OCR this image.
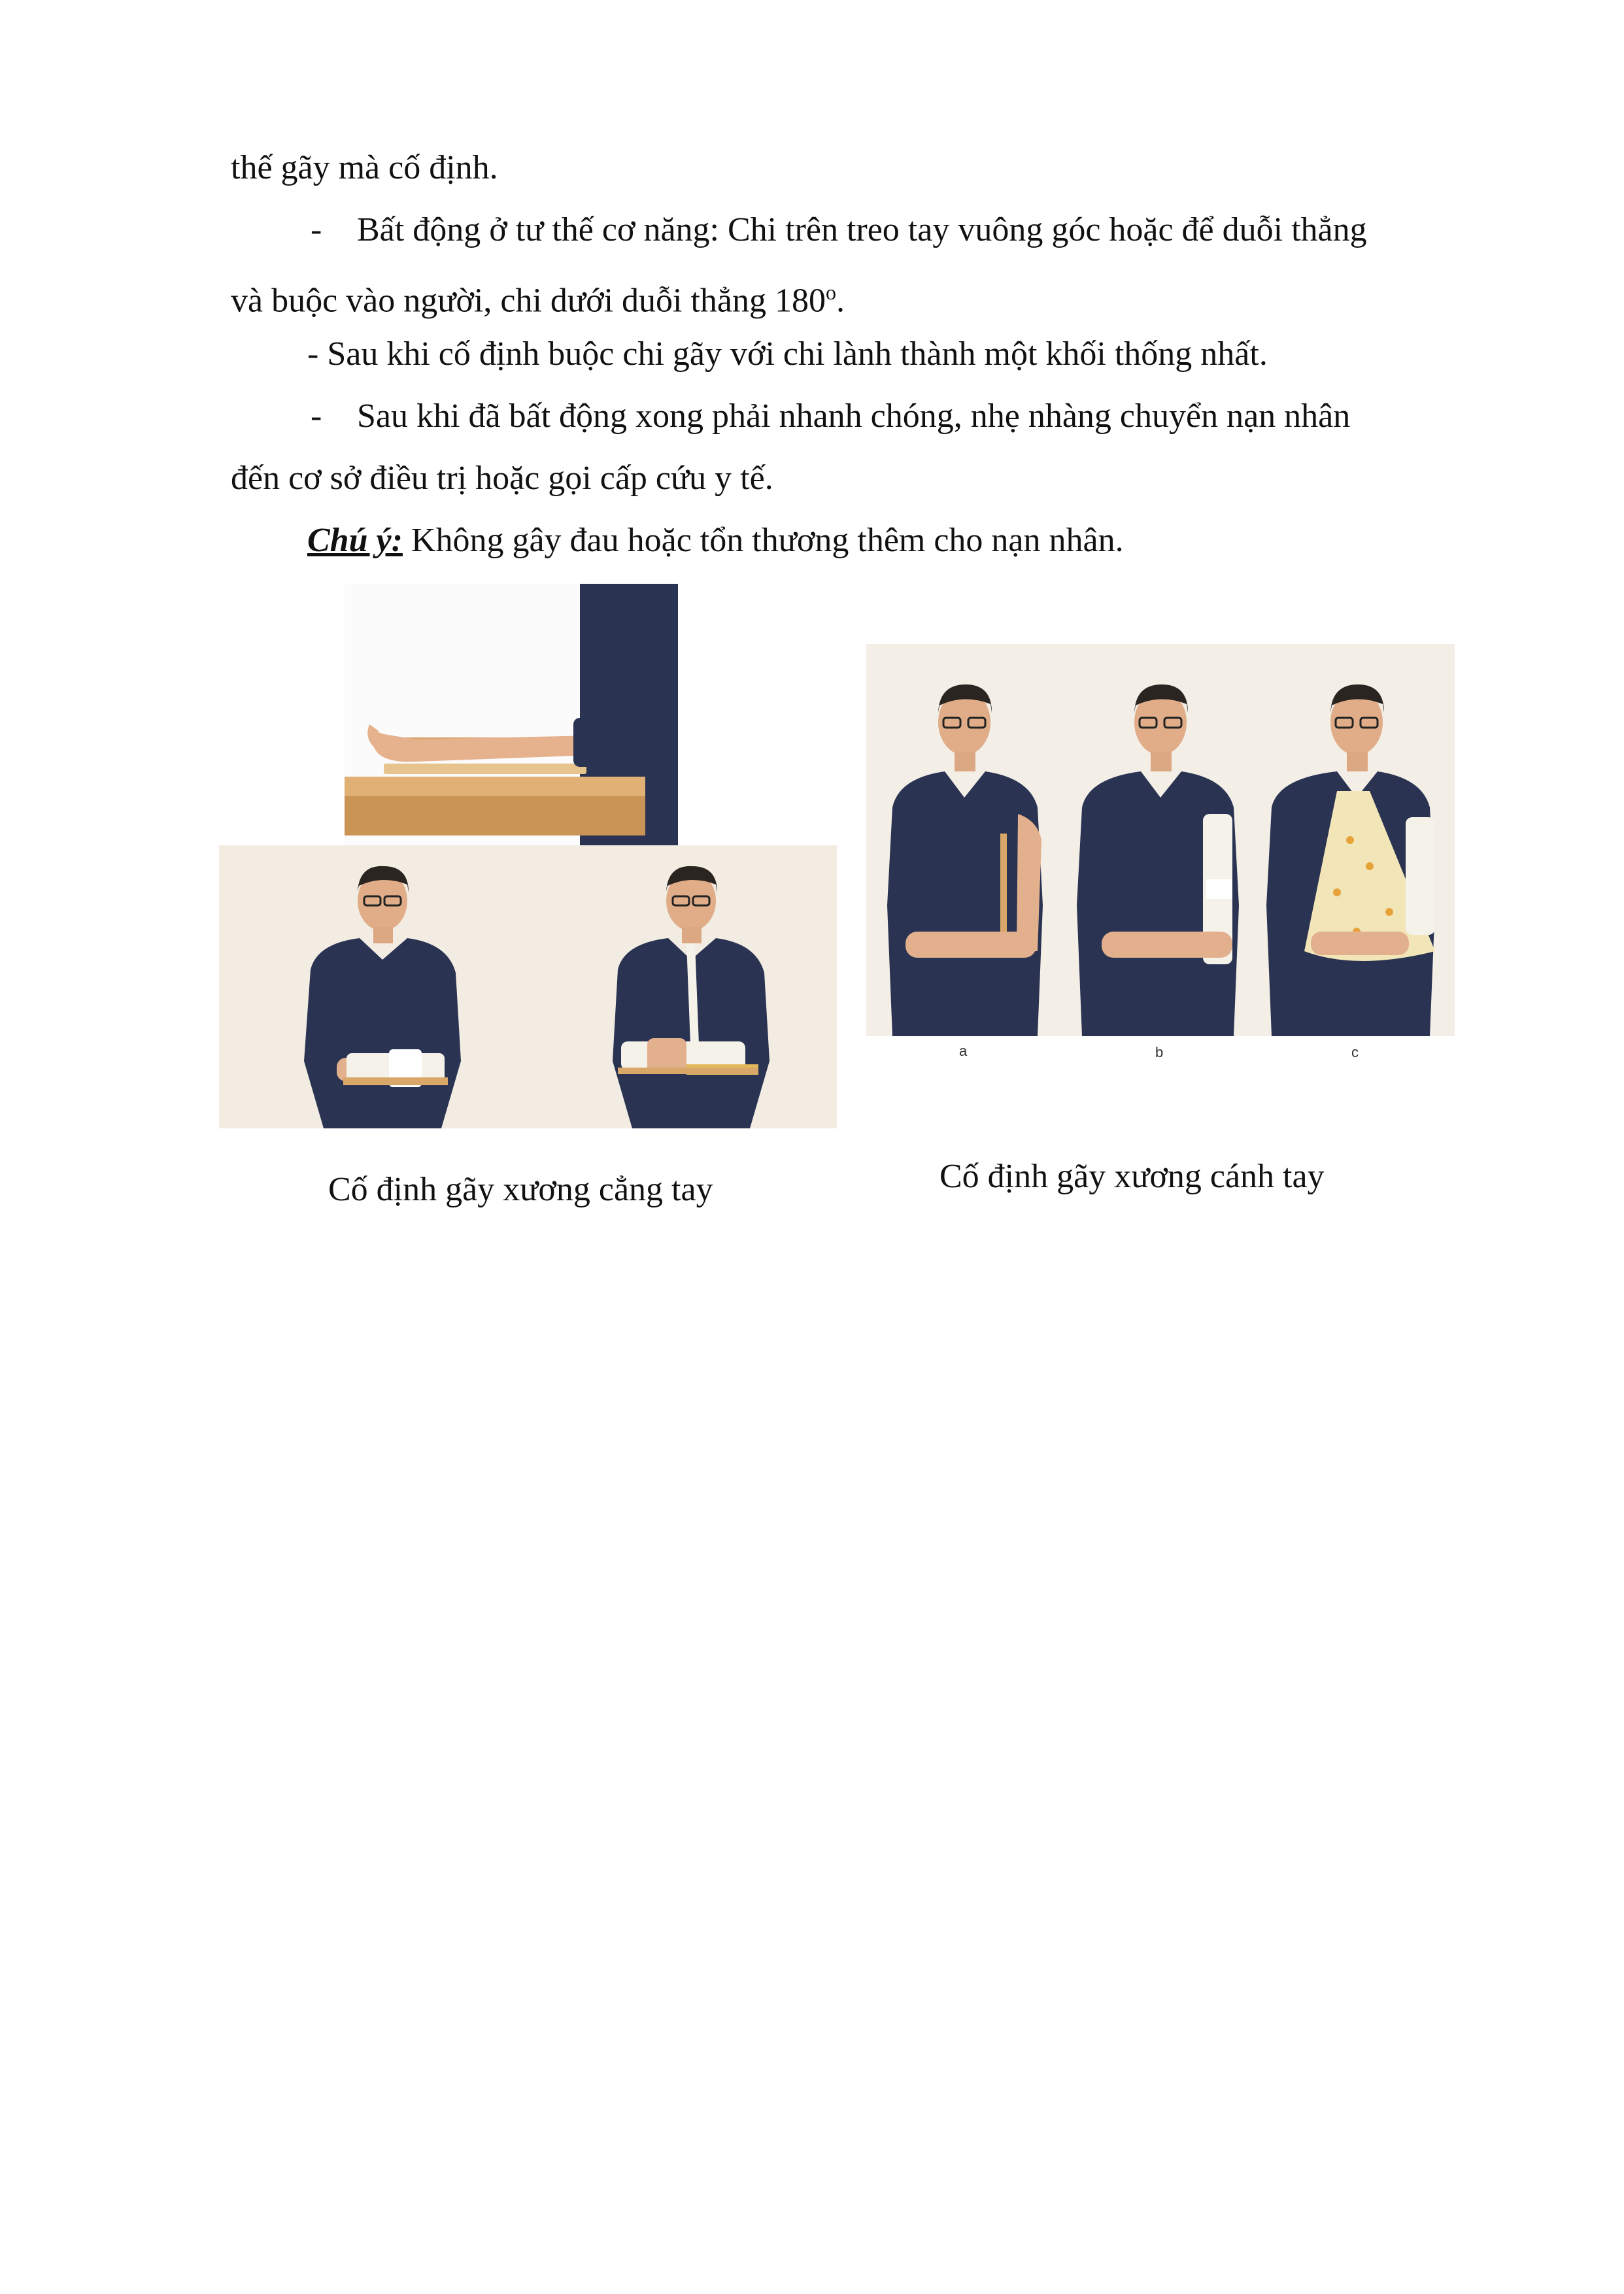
thế gãy mà cố định.

- Bất động ở tư thế cơ năng: Chi trên treo tay vuông góc hoặc để duỗi thẳng

và buộc vào người, chi dưới duỗi thẳng 180$^o$.

- Sau khi cố định buộc chi gãy với chi lành thành một khối thống nhất.

- Sau khi đã bất động xong phải nhanh chóng, nhẹ nhàng chuyển nạn nhân

đến cơ sở điều trị hoặc gọi cấp cứu y tế.

Chú ý: Không gây đau hoặc tổn thương thêm cho nạn nhân.

Cố định gãy xương cẳng tay
a	b	c
Cố định gãy xương cánh tay
